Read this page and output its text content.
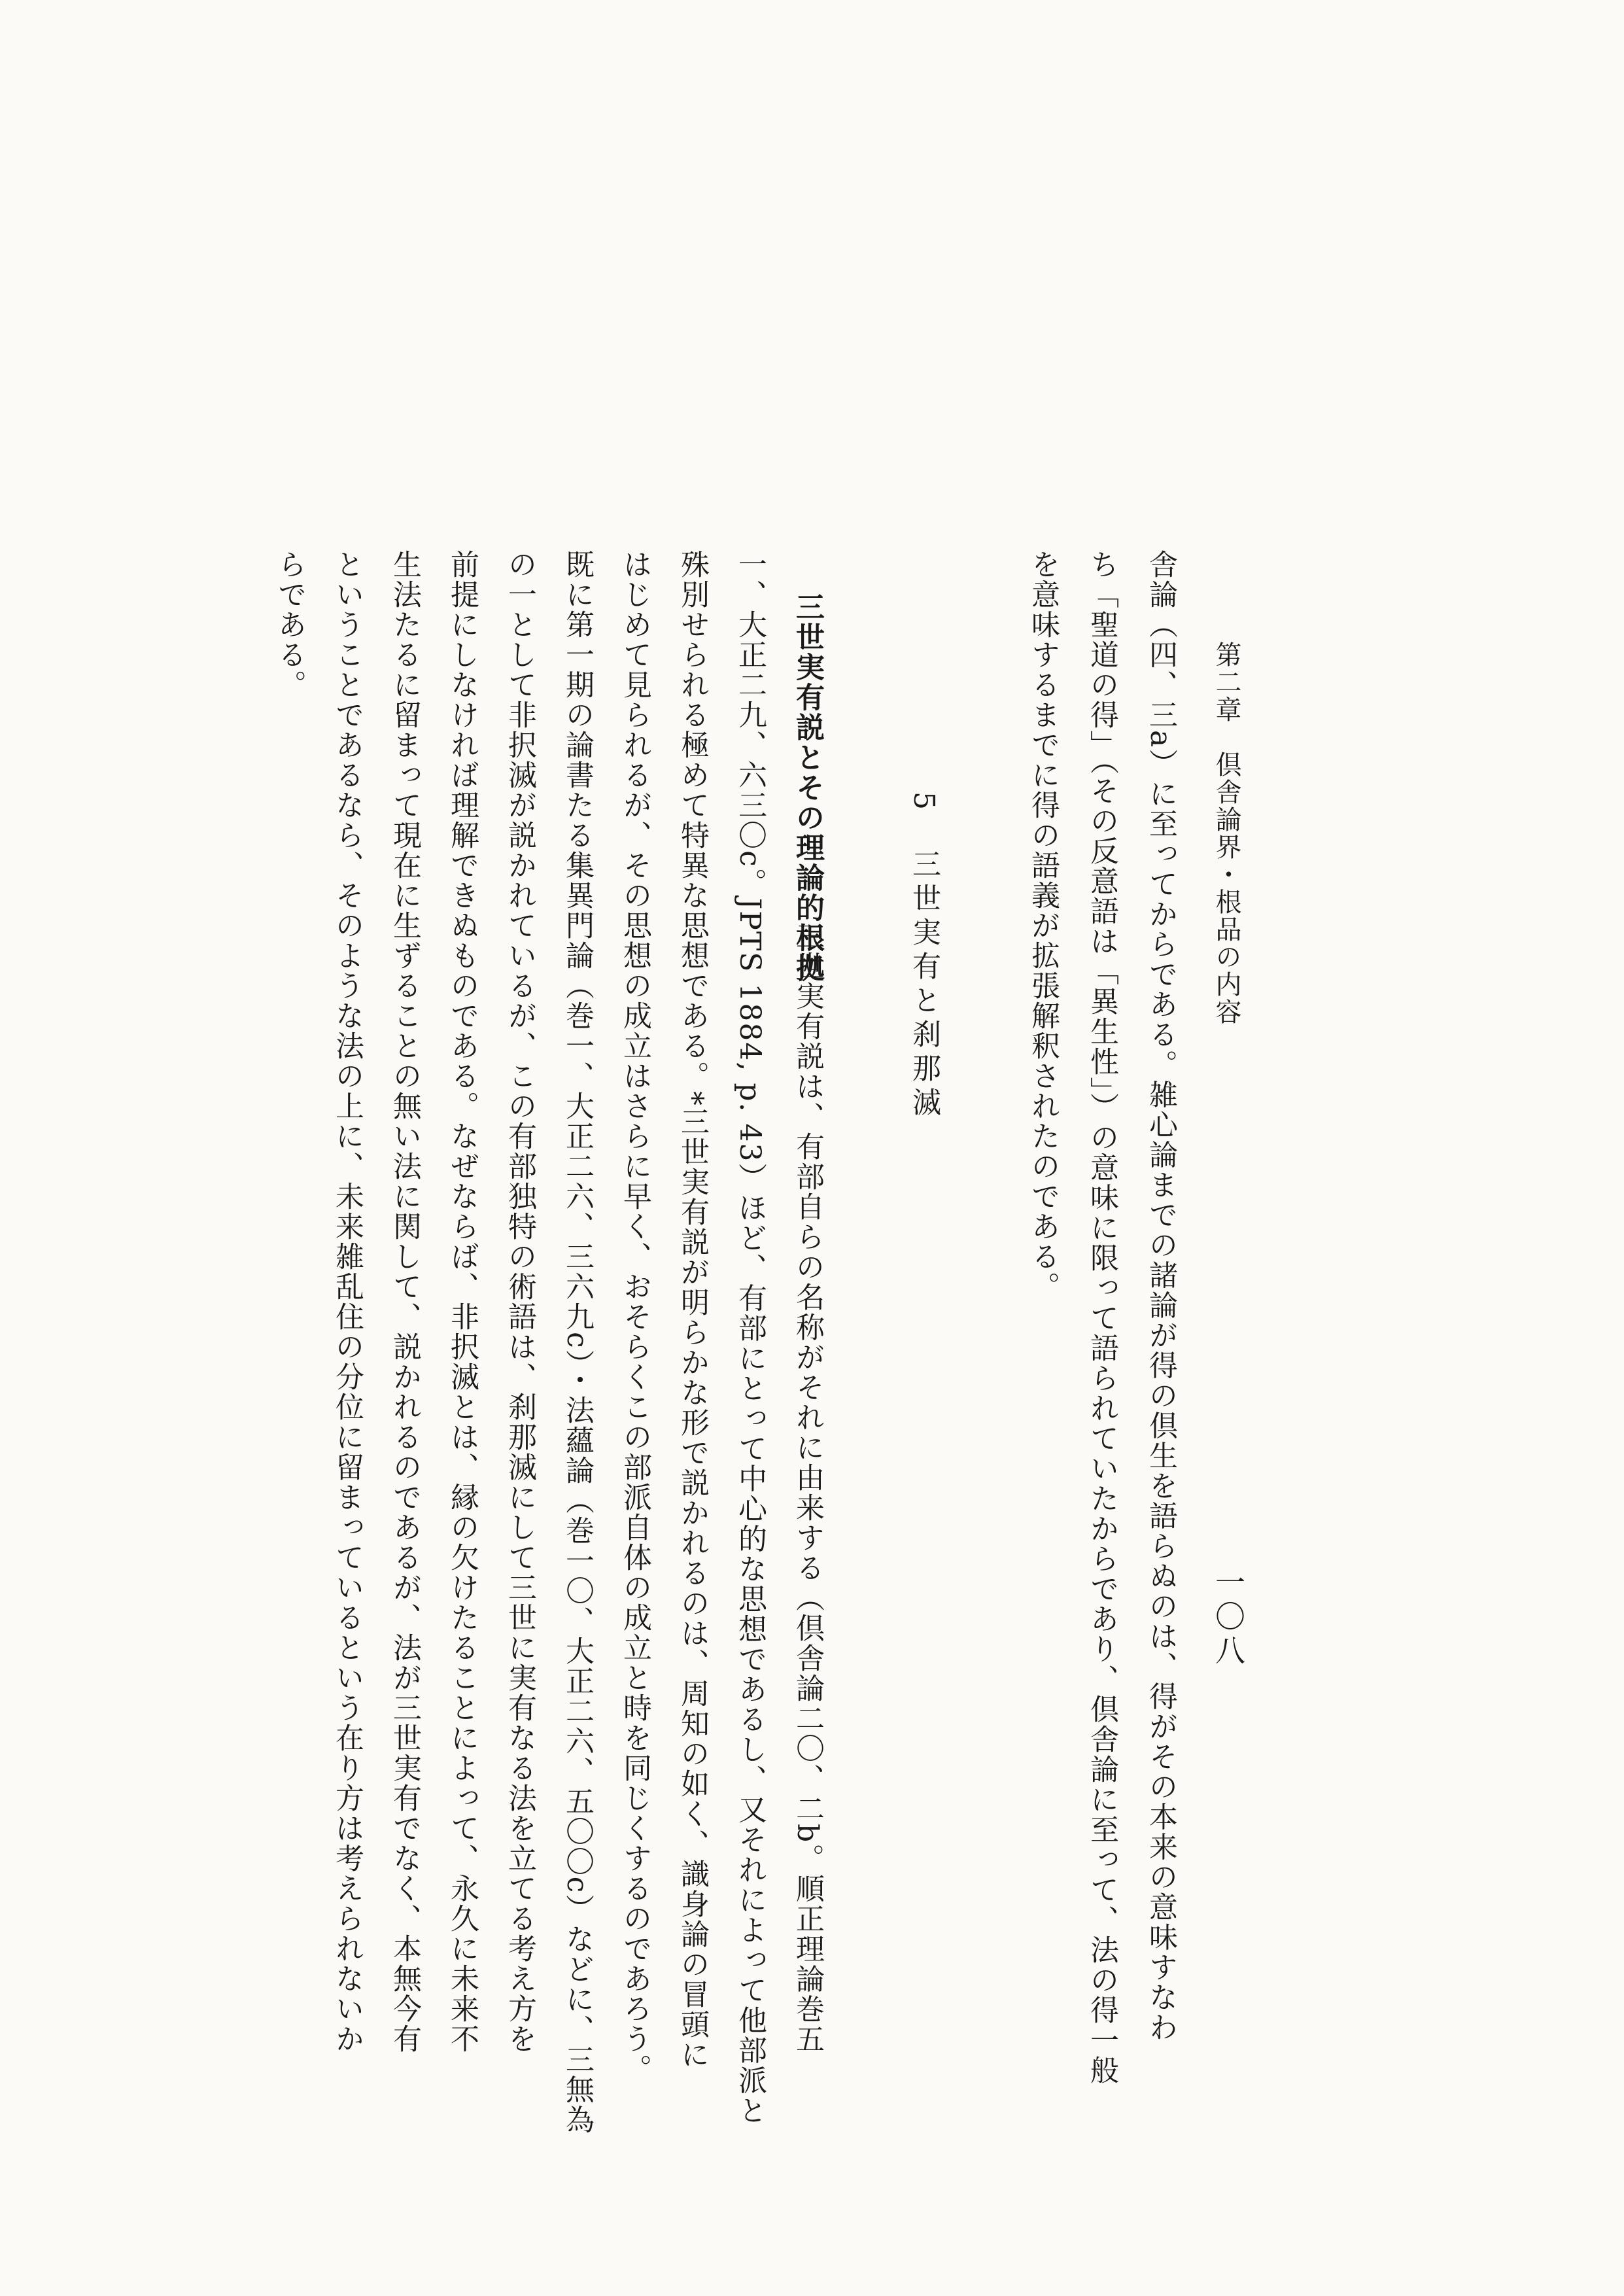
第二章　倶舎論界・根品の内容
一〇八
舎論（四、三a）に至ってからである。雑心論までの諸論が得の倶生を語らぬのは、得がその本来の意味すなわ
ち「聖道の得」（その反意語は「異生性」）の意味に限って語られていたからであり、倶舎論に至って、法の得一般
を意味するまでに得の語義が拡張解釈されたのである。
5　三世実有と刹那滅
三世実有説とその理論的根拠
三世実有説は、有部自らの名称がそれに由来する（倶舎論二〇、二b。順正理論巻五
一、大正二九、六三〇c。JPTS 1884, p. 43）ほど、有部にとって中心的な思想であるし、又それによって他部派と
殊別せられる極めて特異な思想である。*三世実有説が明らかな形で説かれるのは、周知の如く、識身論の冒頭に
はじめて見られるが、その思想の成立はさらに早く、おそらくこの部派自体の成立と時を同じくするのであろう。
既に第一期の論書たる集異門論（巻一、大正二六、三六九c）・法蘊論（巻一〇、大正二六、五〇〇c）などに、三無為
の一として非択滅が説かれているが、この有部独特の術語は、刹那滅にして三世に実有なる法を立てる考え方を
前提にしなければ理解できぬものである。なぜならば、非択滅とは、縁の欠けたることによって、永久に未来不
生法たるに留まって現在に生ずることの無い法に関して、説かれるのであるが、法が三世実有でなく、本無今有
ということであるなら、そのような法の上に、未来雑乱住の分位に留まっているという在り方は考えられないか
らである。
